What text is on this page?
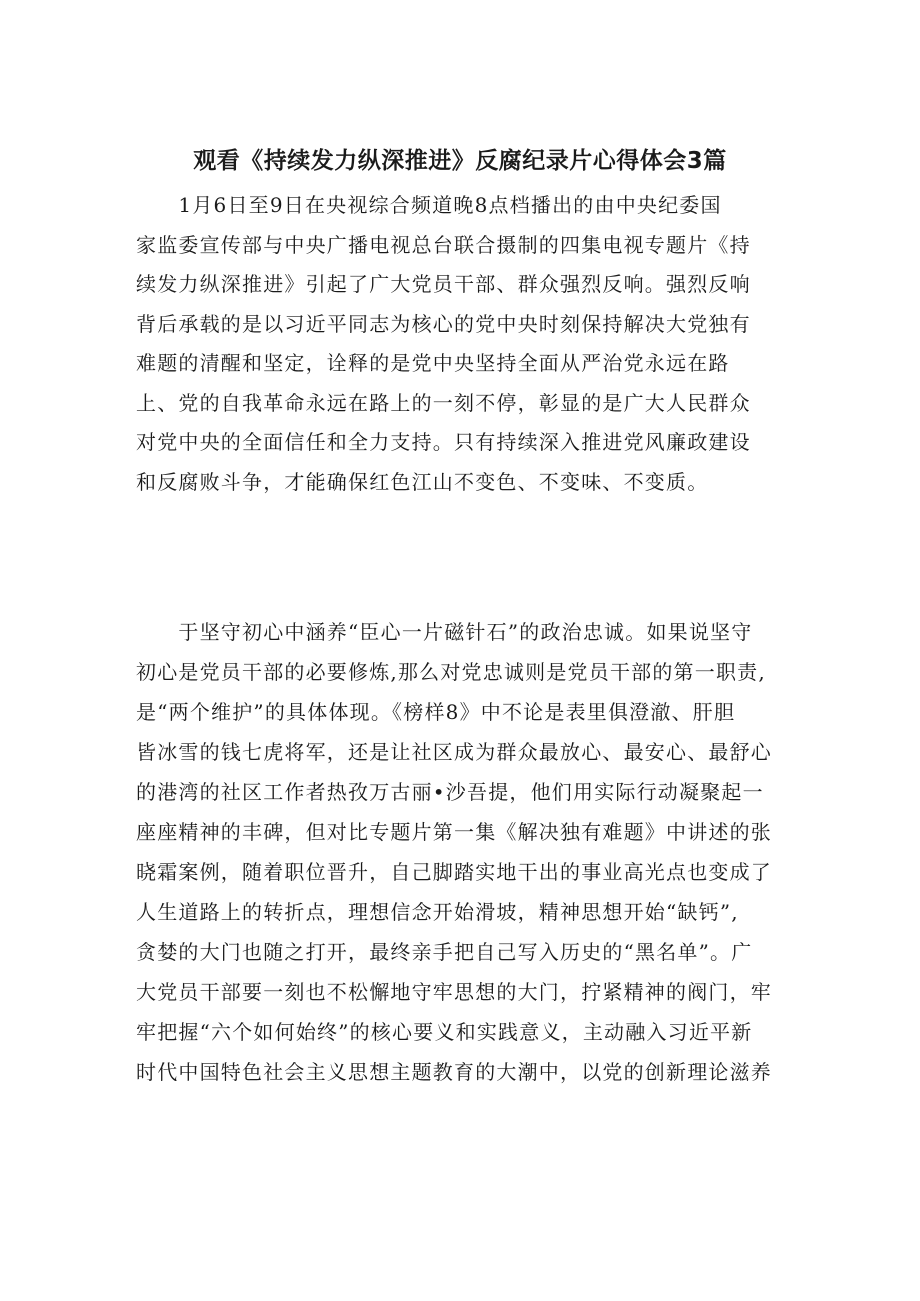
观看《持续发力纵深推进》反腐纪录片心得体会3篇
　　1月6日至9日在央视综合频道晚8点档播出的由中央纪委国
家监委宣传部与中央广播电视总台联合摄制的四集电视专题片《持
续发力纵深推进》引起了广大党员干部、群众强烈反响。强烈反响
背后承载的是以习近平同志为核心的党中央时刻保持解决大党独有
难题的清醒和坚定，诠释的是党中央坚持全面从严治党永远在路
上、党的自我革命永远在路上的一刻不停，彰显的是广大人民群众
对党中央的全面信任和全力支持。只有持续深入推进党风廉政建设
和反腐败斗争，才能确保红色江山不变色、不变味、不变质。
　　于坚守初心中涵养“臣心一片磁针石”的政治忠诚。如果说坚守
初心是党员干部的必要修炼,那么对党忠诚则是党员干部的第一职责,
是“两个维护”的具体体现。《榜样8》中不论是表里俱澄澈、肝胆
皆冰雪的钱七虎将军，还是让社区成为群众最放心、最安心、最舒心
的港湾的社区工作者热孜万古丽•沙吾提，他们用实际行动凝聚起一
座座精神的丰碑，但对比专题片第一集《解决独有难题》中讲述的张
晓霜案例，随着职位晋升，自己脚踏实地干出的事业高光点也变成了
人生道路上的转折点，理想信念开始滑坡，精神思想开始“缺钙”,
贪婪的大门也随之打开，最终亲手把自己写入历史的“黑名单”。广
大党员干部要一刻也不松懈地守牢思想的大门，拧紧精神的阀门，牢
牢把握“六个如何始终”的核心要义和实践意义，主动融入习近平新
时代中国特色社会主义思想主题教育的大潮中，以党的创新理论滋养
